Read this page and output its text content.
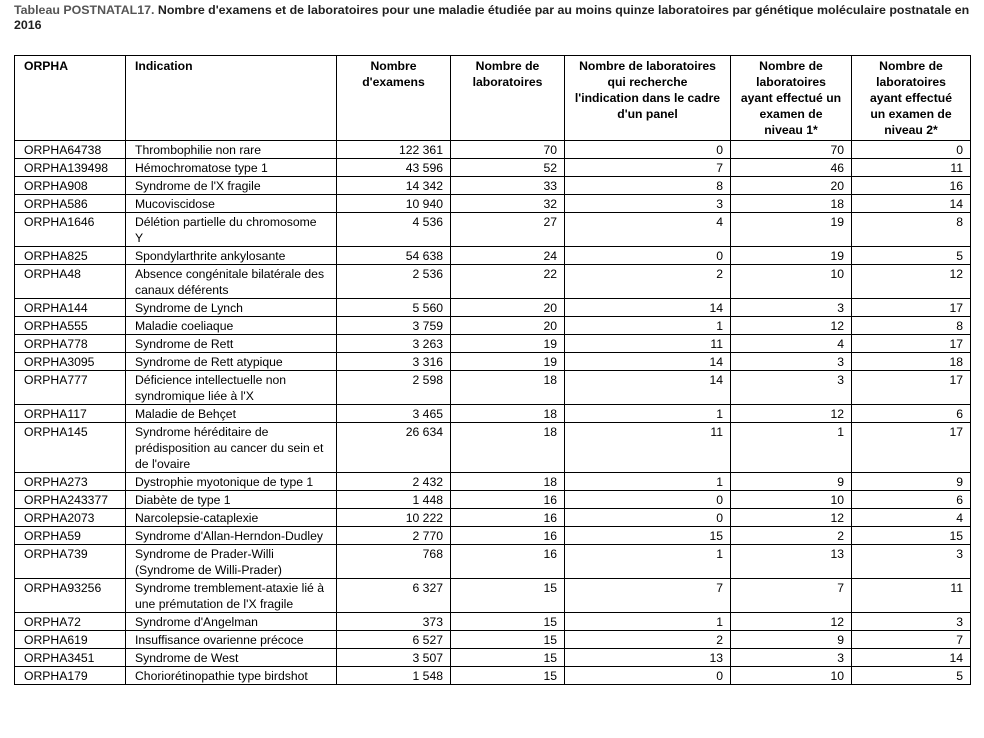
Tableau POSTNATAL17. Nombre d'examens et de laboratoires pour une maladie étudiée par au moins quinze laboratoires par génétique moléculaire postnatale en 2016
ORPHA	Indication	Nombre d'examens	Nombre de laboratoires	Nombre de laboratoires qui recherche l'indication dans le cadre d'un panel	Nombre de laboratoires ayant effectué un examen de niveau 1*	Nombre de laboratoires ayant effectué un examen de niveau 2*
ORPHA64738	Thrombophilie non rare	122 361	70	0	70	0
ORPHA139498	Hémochromatose type 1	43 596	52	7	46	11
ORPHA908	Syndrome de l'X fragile	14 342	33	8	20	16
ORPHA586	Mucoviscidose	10 940	32	3	18	14
ORPHA1646	Délétion partielle du chromosome Y	4 536	27	4	19	8
ORPHA825	Spondylarthrite ankylosante	54 638	24	0	19	5
ORPHA48	Absence congénitale bilatérale des canaux déférents	2 536	22	2	10	12
ORPHA144	Syndrome de Lynch	5 560	20	14	3	17
ORPHA555	Maladie coeliaque	3 759	20	1	12	8
ORPHA778	Syndrome de Rett	3 263	19	11	4	17
ORPHA3095	Syndrome de Rett atypique	3 316	19	14	3	18
ORPHA777	Déficience intellectuelle non syndromique liée à l'X	2 598	18	14	3	17
ORPHA117	Maladie de Behçet	3 465	18	1	12	6
ORPHA145	Syndrome héréditaire de prédisposition au cancer du sein et de l'ovaire	26 634	18	11	1	17
ORPHA273	Dystrophie myotonique de type 1	2 432	18	1	9	9
ORPHA243377	Diabète de type 1	1 448	16	0	10	6
ORPHA2073	Narcolepsie-cataplexie	10 222	16	0	12	4
ORPHA59	Syndrome d'Allan-Herndon-Dudley	2 770	16	15	2	15
ORPHA739	Syndrome de Prader-Willi (Syndrome de Willi-Prader)	768	16	1	13	3
ORPHA93256	Syndrome tremblement-ataxie lié à une prémutation de l'X fragile	6 327	15	7	7	11
ORPHA72	Syndrome d'Angelman	373	15	1	12	3
ORPHA619	Insuffisance ovarienne précoce	6 527	15	2	9	7
ORPHA3451	Syndrome de West	3 507	15	13	3	14
ORPHA179	Choriorétinopathie type birdshot	1 548	15	0	10	5
